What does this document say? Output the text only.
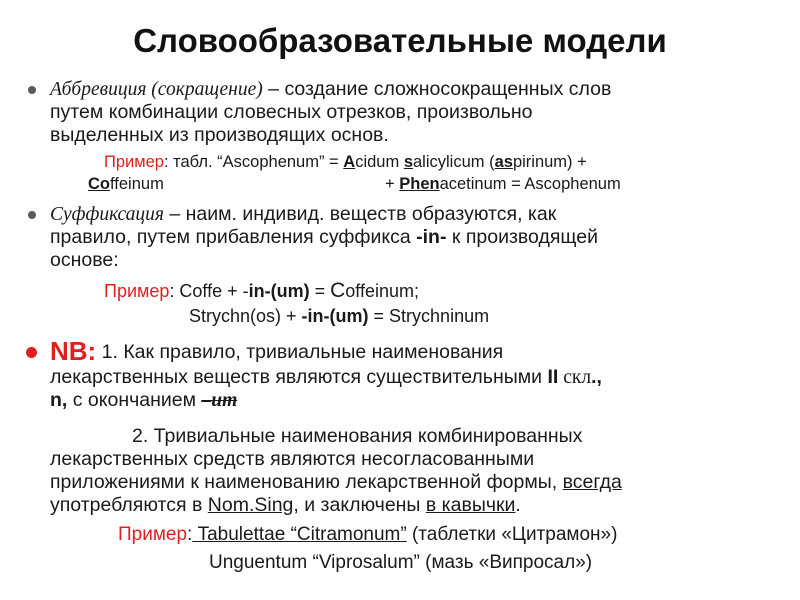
Словообразовательные модели
Аббревиция (сокращение) – создание сложносокращенных слов
путем комбинации словесных отрезков, произвольно
выделенных из производящих основ.
Пример: табл. “Ascophenum” = Acidum salicylicum (aspirinum) +
Coffeinum	+ Phenacetinum = Ascophenum
Суффиксация – наим. индивид. веществ образуются, как
правило, путем прибавления суффикса -in- к производящей
основе:
Пример: Coffe + -in-(um) = Сoffeinum;
Strychn(os) + -in-(um) = Strychninum
NB: 1. Как правило, тривиальные наименования
лекарственных веществ являются существительными II скл.,
n, с окончанием –um
2. Тривиальные наименования комбинированных
лекарственных средств являются несогласованными
приложениями к наименованию лекарственной формы, всегда
употребляются в Nom.Sing, и заключены в кавычки.
Пример: Tabulettae “Citramonum” (таблетки «Цитрамон»)
Unguentum “Viprosalum” (мазь «Випросал»)
